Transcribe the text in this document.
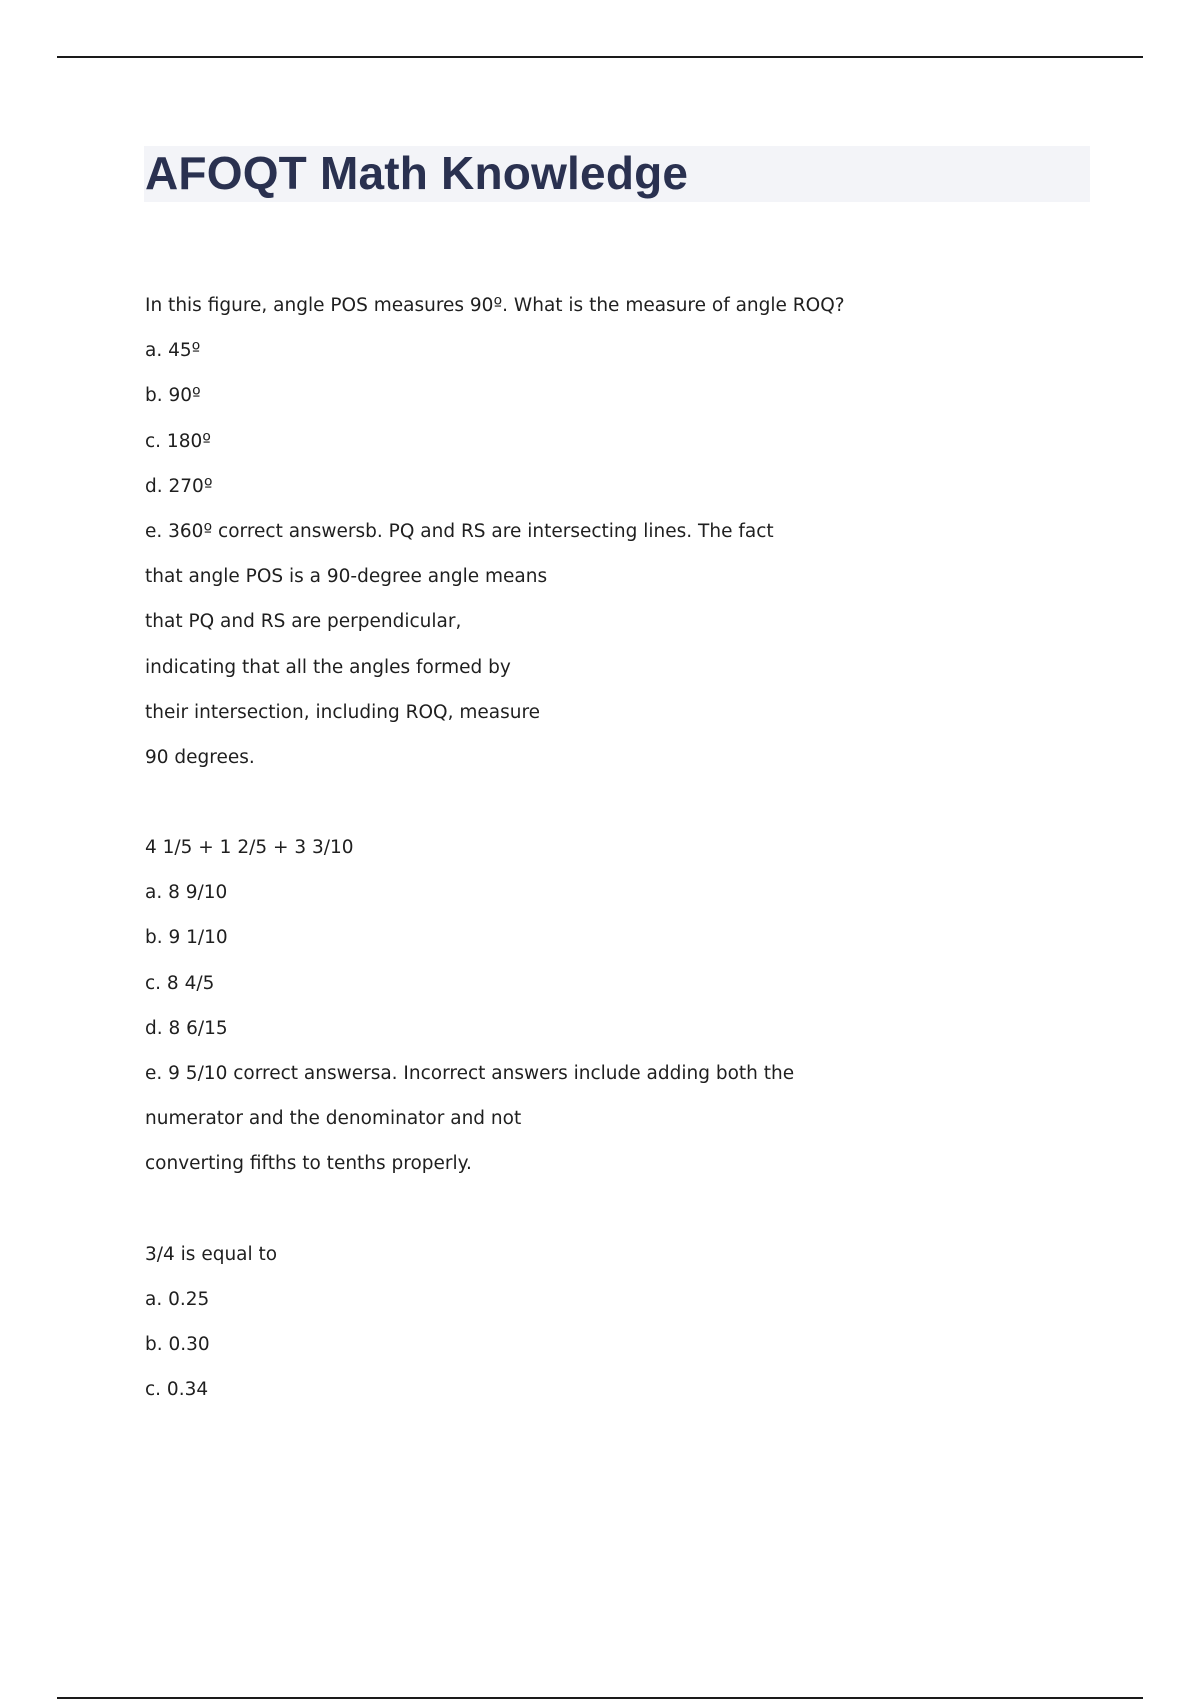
AFOQT Math Knowledge
In this figure, angle POS measures 90º. What is the measure of angle ROQ?
a. 45º
b. 90º
c. 180º
d. 270º
e. 360º correct answersb. PQ and RS are intersecting lines. The fact
that angle POS is a 90-degree angle means
that PQ and RS are perpendicular,
indicating that all the angles formed by
their intersection, including ROQ, measure
90 degrees.
4 1/5 + 1 2/5 + 3 3/10
a. 8 9/10
b. 9 1/10
c. 8 4/5
d. 8 6/15
e. 9 5/10 correct answersa. Incorrect answers include adding both the
numerator and the denominator and not
converting fifths to tenths properly.
3/4 is equal to
a. 0.25
b. 0.30
c. 0.34
